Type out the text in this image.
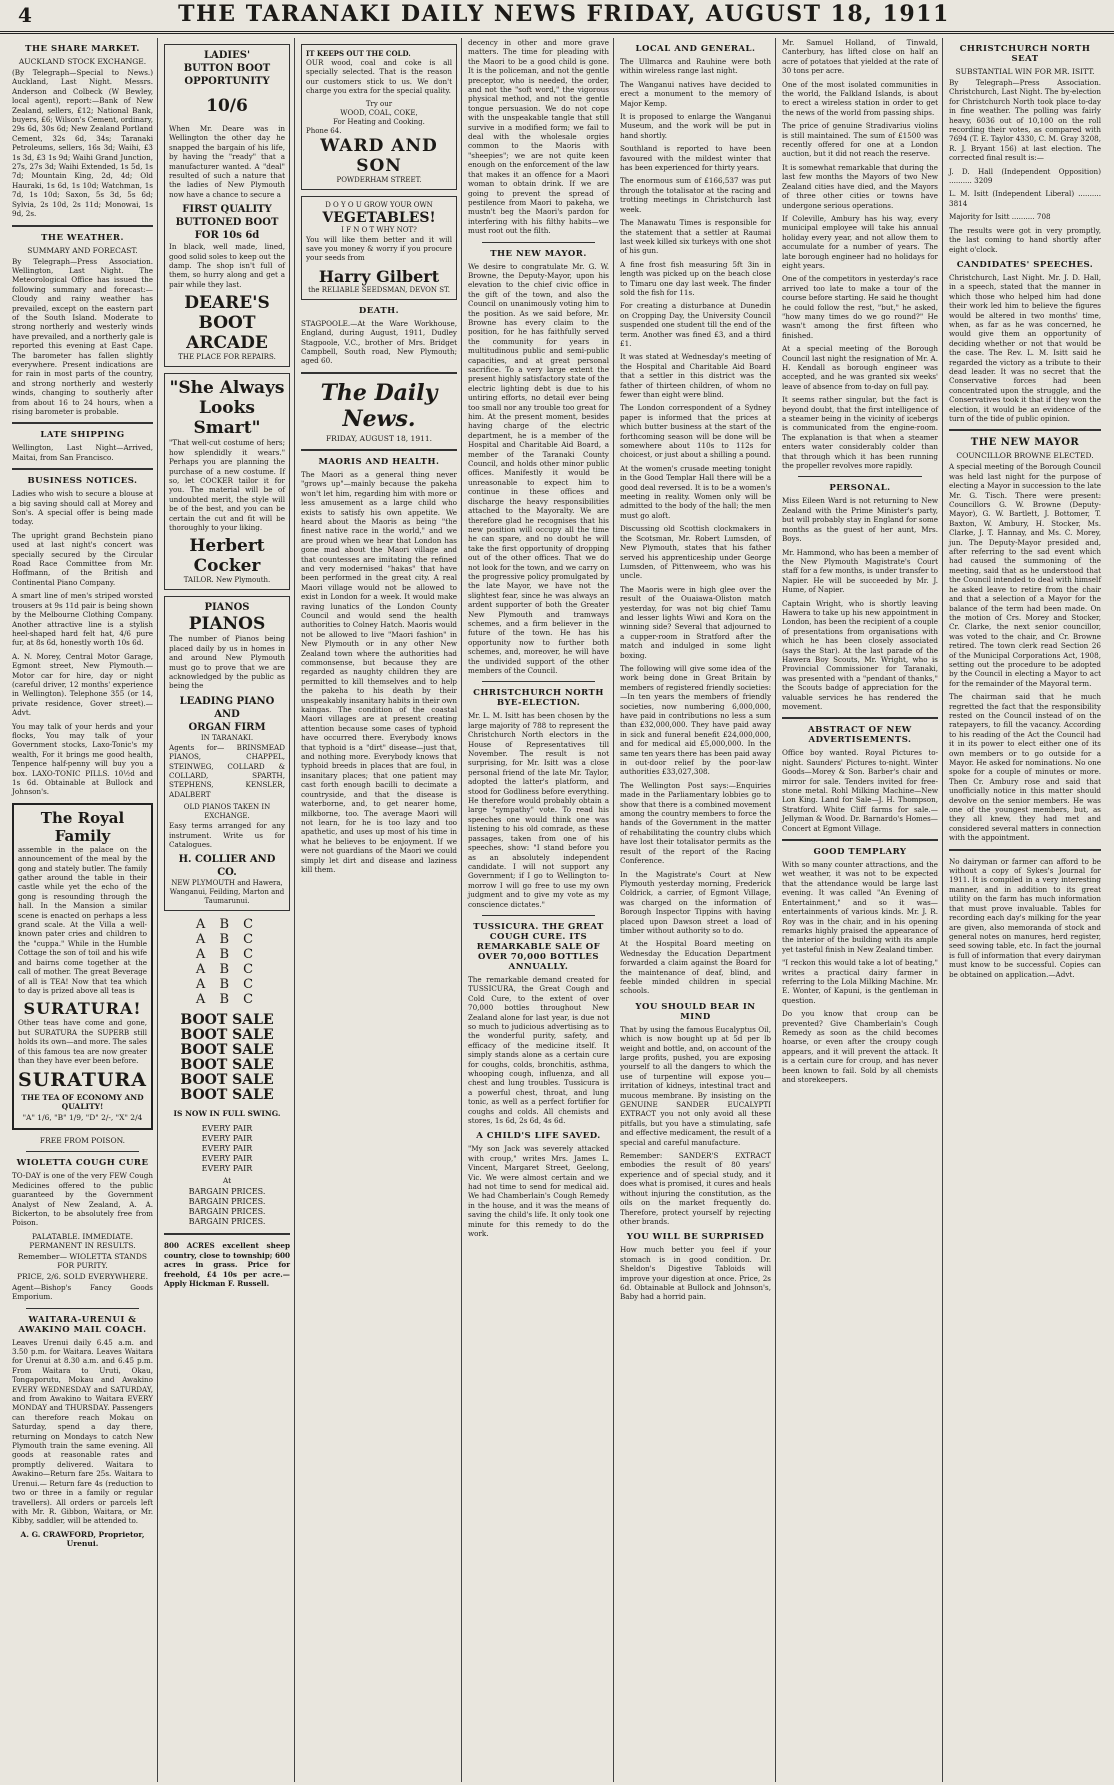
4	THE TARANAKI DAILY NEWS FRIDAY, AUGUST 18, 1911
THE SHARE MARKET.
AUCKLAND STOCK EXCHANGE.

(By Telegraph—Special to News.) Auckland, Last Night. Messrs. Anderson and Colbeck (W Bewley, local agent), report:—Bank of New Zealand, sellers, £12; National Bank, buyers, £6; Wilson's Cement, ordinary, 29s 6d, 30s 6d; New Zealand Portland Cement, 32s 6d, 34s; Taranaki Petroleums, sellers, 16s 3d; Waihi, £3 1s 3d, £3 1s 9d; Waihi Grand Junction, 27s, 27s 3d; Waihi Extended, 1s 5d, 1s 7d; Mountain King, 2d, 4d; Old Hauraki, 1s 6d, 1s 10d; Watchman, 1s 7d, 1s 10d; Saxon, 5s 3d, 5s 6d; Sylvia, 2s 10d, 2s 11d; Monowai, 1s 9d, 2s.

THE WEATHER.
SUMMARY AND FORECAST.

By Telegraph—Press Association. Wellington, Last Night. The Meteorological Office has issued the following summary and forecast:—Cloudy and rainy weather has prevailed, except on the eastern part of the South Island. Moderate to strong northerly and westerly winds have prevailed, and a northerly gale is reported this evening at East Cape. The barometer has fallen slightly everywhere. Present indications are for rain in most parts of the country, and strong northerly and westerly winds, changing to southerly after from about 16 to 24 hours, when a rising barometer is probable.

LATE SHIPPING

Wellington, Last Night—Arrived, Maitai, from San Francisco.

BUSINESS NOTICES.

Ladies who wish to secure a blouse at a big saving should call at Morey and Son's. A special offer is being made today.

The upright grand Bechstein piano used at last night's concert was specially secured by the Circular Road Race Committee from Mr. Hoffmann, of the British and Continental Piano Company.

A smart line of men's striped worsted trousers at 9s 11d pair is being shown by the Melbourne Clothing Company. Another attractive line is a stylish heel-shaped hard felt hat, 4/6 pure fur, at 8s 6d, honestly worth 10s 6d.

A. N. Morey, Central Motor Garage, Egmont street, New Plymouth.—Motor car for hire, day or night (careful driver, 12 months' experience in Wellington). Telephone 355 (or 14, private residence, Gover street).—Advt.

You may talk of your herds and your flocks, You may talk of your Government stocks, Laxo-Tonic's my wealth, For it brings me good health, Tenpence half-penny will buy you a box. LAXO-TONIC PILLS. 10½d and 1s 6d. Obtainable at Bullock and Johnson's.

The Royal Family

assemble in the palace on the announcement of the meal by the gong and stately butler. The family gather around the table in their castle while yet the echo of the gong is resounding through the hall. In the Mansion a similar scene is enacted on perhaps a less grand scale. At the Villa a well-known pater cries and children to the "cuppa." While in the Humble Cottage the son of toil and his wife and bairns come together at the call of mother. The great Beverage of all is TEA! Now that tea which to day is prized above all teas is

SURATURA!

Other teas have come and gone, but SURATURA the SUPERB still holds its own—and more. The sales of this famous tea are now greater than they have ever been before.

SURATURA
THE TEA OF ECONOMY AND QUALITY!
"A" 1/6, "B" 1/9, "D" 2/-, "X" 2/4
FREE FROM POISON.
WIOLETTA COUGH CURE

TO-DAY is one of the very FEW Cough Medicines offered to the public guaranteed by the Government Analyst of New Zealand, A. A. Bickerton, to be absolutely free from Poison.

PALATABLE. IMMEDIATE. PERMANENT IN RESULTS.
Remember— WIOLETTA STANDS FOR PURITY.
PRICE, 2/6. SOLD EVERYWHERE.

Agent—Bishop's Fancy Goods Emporium.

WAITARA-URENUI & AWAKINO MAIL COACH.

Leaves Urenui daily 6.45 a.m. and 3.50 p.m. for Waitara. Leaves Waitara for Urenui at 8.30 a.m. and 6.45 p.m. From Waitara to Uruti, Okau, Tongaporutu, Mokau and Awakino EVERY WEDNESDAY and SATURDAY, and from Awakino to Waitara EVERY MONDAY and THURSDAY. Passengers can therefore reach Mokau on Saturday, spend a day there, returning on Mondays to catch New Plymouth train the same evening. All goods at reasonable rates and promptly delivered. Waitara to Awakino—Return fare 25s. Waitara to Urenui.— Return fare 4s (reduction to two or three in a family or regular travellers). All orders or parcels left with Mr. R. Gibbon, Waitara, or Mr. Kibby, saddler, will be attended to.

A. G. CRAWFORD, Proprietor, Urenui.
LADIES'
BUTTON BOOT
OPPORTUNITY
10/6

When Mr. Deare was in Wellington the other day he snapped the bargain of his life, by having the "ready" that a manufacturer wanted. A "deal" resulted of such a nature that the ladies of New Plymouth now have a chance to secure a

FIRST QUALITY
BUTTONED BOOT
FOR 10s 6d

In black, well made, lined, good solid soles to keep out the damp. The shop isn't full of them, so hurry along and get a pair while they last.

DEARE'S
BOOT ARCADE
THE PLACE FOR REPAIRS.
"She Always
Looks Smart"

"That well-cut costume of hers; how splendidly it wears." Perhaps you are planning the purchase of a new costume. If so, let COCKER tailor it for you. The material will be of undoubted merit, the style will be of the best, and you can be certain the cut and fit will be thoroughly to your liking.

Herbert Cocker
TAILOR. New Plymouth.
PIANOS
PIANOS

The number of Pianos being placed daily by us in homes in and around New Plymouth must go to prove that we are acknowledged by the public as being the

LEADING PIANO AND
ORGAN FIRM
IN TARANAKI.

Agents for— BRINSMEAD PIANOS, CHAPPEL, STEINWEG, COLLARD & COLLARD, SPARTH, STEPHENS, KENSLER, ADALBERT

OLD PIANOS TAKEN IN EXCHANGE.

Easy terms arranged for any instrument. Write us for Catalogues.

H. COLLIER AND CO.
NEW PLYMOUTH and Hawera, Wanganui, Feilding, Marton and Taumarunui.
A B C
A B C
A B C
A B C
A B C
A B C
BOOT SALE
BOOT SALE
BOOT SALE
BOOT SALE
BOOT SALE
BOOT SALE
IS NOW IN FULL SWING.
EVERY PAIR
EVERY PAIR
EVERY PAIR
EVERY PAIR
EVERY PAIR
At
BARGAIN PRICES.
BARGAIN PRICES.
BARGAIN PRICES.
BARGAIN PRICES.

800 ACRES excellent sheep country, close to township; 600 acres in grass. Price for freehold, £4 10s per acre.—Apply Hickman F. Russell.

IT KEEPS OUT THE COLD.

OUR wood, coal and coke is all specially selected. That is the reason our customers stick to us. We don't charge you extra for the special quality.

Try our
WOOD, COAL, COKE,
For Heating and Cooking.
Phone 64.
WARD AND SON
POWDERHAM STREET.
D O Y O U GROW YOUR OWN
VEGETABLES!
I F N O T WHY NOT?

You will like them better and it will save you money & worry if you procure your seeds from

Harry Gilbert
the RELIABLE SEEDSMAN, DEVON ST.
DEATH.

STAGPOOLE.—At the Ware Workhouse, England, during August, 1911, Dudley Stagpoole, V.C., brother of Mrs. Bridget Campbell, South road, New Plymouth; aged 60.

The Daily News.
FRIDAY, AUGUST 18, 1911.
MAORIS AND HEALTH.

The Maori as a general thing never "grows up"—mainly because the pakeha won't let him, regarding him with more or less amusement as a large child who exists to satisfy his own appetite. We heard about the Maoris as being "the finest native race in the world," and we are proud when we hear that London has gone mad about the Maori village and that countesses are imitating the refined and very modernised "hakas" that have been performed in the great city. A real Maori village would not be allowed to exist in London for a week. It would make raving lunatics of the London County Council and would send the health authorities to Colney Hatch. Maoris would not be allowed to live "Maori fashion" in New Plymouth or in any other New Zealand town where the authorities had commonsense, but because they are regarded as naughty children they are permitted to kill themselves and to help the pakeha to his death by their unspeakably insanitary habits in their own kaingas. The condition of the coastal Maori villages are at present creating attention because some cases of typhoid have occurred there. Everybody knows that typhoid is a "dirt" disease—just that, and nothing more. Everybody knows that typhoid breeds in places that are foul, in insanitary places; that one patient may cast forth enough bacilli to decimate a countryside, and that the disease is waterborne, and, to get nearer home, milkborne, too. The average Maori will not learn, for he is too lazy and too apathetic, and uses up most of his time in what he believes to be enjoyment. If we were not guardians of the Maori we could simply let dirt and disease and laziness kill them.

decency in other and more grave matters. The time for pleading with the Maori to be a good child is gone. It is the policeman, and not the gentle preceptor, who is needed, the order, and not the "soft word," the vigorous physical method, and not the gentle tongue persuasion. We do not cope with the unspeakable tangle that still survive in a modified form; we fail to deal with the wholesale orgies common to the Maoris with "sheepies"; we are not quite keen enough on the enforcement of the law that makes it an offence for a Maori woman to obtain drink. If we are going to prevent the spread of pestilence from Maori to pakeha, we mustn't beg the Maori's pardon for interfering with his filthy habits—we must root out the filth.

THE NEW MAYOR.

We desire to congratulate Mr. G. W. Browne, the Deputy-Mayor, upon his elevation to the chief civic office in the gift of the town, and also the Council on unanimously voting him to the position. As we said before, Mr. Browne has every claim to the position, for he has faithfully served the community for years in multitudinous public and semi-public capacities, and at great personal sacrifice. To a very large extent the present highly satisfactory state of the electric lighting debt is due to his untiring efforts, no detail ever being too small nor any trouble too great for him. At the present moment, besides having charge of the electric department, he is a member of the Hospital and Charitable Aid Board, a member of the Taranaki County Council, and holds other minor public offices. Manifestly it would be unreasonable to expect him to continue in these offices and discharge the heavy responsibilities attached to the Mayoralty. We are therefore glad he recognises that his new position will occupy all the time he can spare, and no doubt he will take the first opportunity of dropping out of the other offices. That we do not look for the town, and we carry on the progressive policy promulgated by the late Mayor, we have not the slightest fear, since he was always an ardent supporter of both the Greater New Plymouth and tramways schemes, and a firm believer in the future of the town. He has his opportunity now to further both schemes, and, moreover, he will have the undivided support of the other members of the Council.

CHRISTCHURCH NORTH BYE-ELECTION.

Mr. L. M. Isitt has been chosen by the large majority of 788 to represent the Christchurch North electors in the House of Representatives till November. The result is not surprising, for Mr. Isitt was a close personal friend of the late Mr. Taylor, adopted the latter's platform, and stood for Godliness before everything. He therefore would probably obtain a large "sympathy" vote. To read his speeches one would think one was listening to his old comrade, as these passages, taken from one of his speeches, show: "I stand before you as an absolutely independent candidate. I will not support any Government; if I go to Wellington to-morrow I will go free to use my own judgment and to give my vote as my conscience dictates."

TUSSICURA. THE GREAT COUGH CURE. ITS REMARKABLE SALE OF OVER 70,000 BOTTLES ANNUALLY.

The remarkable demand created for TUSSICURA, the Great Cough and Cold Cure, to the extent of over 70,000 bottles throughout New Zealand alone for last year, is due not so much to judicious advertising as to the wonderful purity, safety, and efficacy of the medicine itself. It simply stands alone as a certain cure for coughs, colds, bronchitis, asthma, whooping cough, influenza, and all chest and lung troubles. Tussicura is a powerful chest, throat, and lung tonic, as well as a perfect fortifier for coughs and colds. All chemists and stores, 1s 6d, 2s 6d, 4s 6d.

A CHILD'S LIFE SAVED.

"My son Jack was severely attacked with croup," writes Mrs. James L. Vincent, Margaret Street, Geelong, Vic. We were almost certain and we had not time to send for medical aid. We had Chamberlain's Cough Remedy in the house, and it was the means of saving the child's life. It only took one minute for this remedy to do the work.

LOCAL AND GENERAL.

The Ullmarca and Rauhine were both within wireless range last night.

The Wanganui natives have decided to erect a monument to the memory of Major Kemp.

It is proposed to enlarge the Wanganui Museum, and the work will be put in hand shortly.

Southland is reported to have been favoured with the mildest winter that has been experienced for thirty years.

The enormous sum of £166,537 was put through the totalisator at the racing and trotting meetings in Christchurch last week.

The Manawatu Times is responsible for the statement that a settler at Raumai last week killed six turkeys with one shot of his gun.

A fine frost fish measuring 5ft 3in in length was picked up on the beach close to Timaru one day last week. The finder sold the fish for 11s.

For creating a disturbance at Dunedin on Cropping Day, the University Council suspended one student till the end of the term. Another was fined £3, and a third £1.

It was stated at Wednesday's meeting of the Hospital and Charitable Aid Board that a settler in this district was the father of thirteen children, of whom no fewer than eight were blind.

The London correspondent of a Sydney paper is informed that the prices at which butter business at the start of the forthcoming season will be done will be somewhere about 110s to 112s for choicest, or just about a shilling a pound.

At the women's crusade meeting tonight in the Good Templar Hall there will be a good deal reversed. It is to be a women's meeting in reality. Women only will be admitted to the body of the hall; the men must go aloft.

Discussing old Scottish clockmakers in the Scotsman, Mr. Robert Lumsden, of New Plymouth, states that his father served his apprenticeship under George Lumsden, of Pittenweem, who was his uncle.

The Maoris were in high glee over the result of the Ouaiawa-Oliston match yesterday, for was not big chief Tamu and lesser lights Wiwi and Kora on the winning side? Several that adjourned to a cupper-room in Stratford after the match and indulged in some light boxing.

The following will give some idea of the work being done in Great Britain by members of registered friendly societies:—In ten years the members of friendly societies, now numbering 6,000,000, have paid in contributions no less a sum than £32,000,000. They have paid away in sick and funeral benefit £24,000,000, and for medical aid £5,000,000. In the same ten years there has been paid away in out-door relief by the poor-law authorities £33,027,308.

The Wellington Post says:—Enquiries made in the Parliamentary lobbies go to show that there is a combined movement among the country members to force the hands of the Government in the matter of rehabilitating the country clubs which have lost their totalisator permits as the result of the report of the Racing Conference.

In the Magistrate's Court at New Plymouth yesterday morning, Frederick Coldrick, a carrier, of Egmont Village, was charged on the information of Borough Inspector Tippins with having placed upon Dawson street a load of timber without authority so to do.

At the Hospital Board meeting on Wednesday the Education Department forwarded a claim against the Board for the maintenance of deaf, blind, and feeble minded children in special schools.

YOU SHOULD BEAR IN MIND

That by using the famous Eucalyptus Oil, which is now bought up at 5d per lb weight and bottle, and, on account of the large profits, pushed, you are exposing yourself to all the dangers to which the use of turpentine will expose you—irritation of kidneys, intestinal tract and mucous membrane. By insisting on the GENUINE SANDER EUCALYPTI EXTRACT you not only avoid all these pitfalls, but you have a stimulating, safe and effective medicament, the result of a special and careful manufacture.

Remember: SANDER'S EXTRACT embodies the result of 80 years' experience and of special study, and it does what is promised, it cures and heals without injuring the constitution, as the oils on the market frequently do. Therefore, protect yourself by rejecting other brands.

YOU WILL BE SURPRISED

How much better you feel if your stomach is in good condition. Dr. Sheldon's Digestive Tabloids will improve your digestion at once. Price, 2s 6d. Obtainable at Bullock and Johnson's, Baby had a horrid pain.

Mr. Samuel Holland, of Tinwald, Canterbury, has lifted close on half an acre of potatoes that yielded at the rate of 30 tons per acre.

One of the most isolated communities in the world, the Falkland Islands, is about to erect a wireless station in order to get the news of the world from passing ships.

The price of genuine Stradivarius violins is still maintained. The sum of £1500 was recently offered for one at a London auction, but it did not reach the reserve.

It is somewhat remarkable that during the last few months the Mayors of two New Zealand cities have died, and the Mayors of three other cities or towns have undergone serious operations.

If Coleville, Ambury has his way, every municipal employee will take his annual holiday every year, and not allow them to accumulate for a number of years. The late borough engineer had no holidays for eight years.

One of the competitors in yesterday's race arrived too late to make a tour of the course before starting. He said he thought he could follow the rest, "but," he asked, "how many times do we go round?" He wasn't among the first fifteen who finished.

At a special meeting of the Borough Council last night the resignation of Mr. A. H. Kendall as borough engineer was accepted, and he was granted six weeks' leave of absence from to-day on full pay.

It seems rather singular, but the fact is beyond doubt, that the first intelligence of a steamer being in the vicinity of icebergs is communicated from the engine-room. The explanation is that when a steamer enters water considerably colder than that through which it has been running the propeller revolves more rapidly.

PERSONAL.

Miss Eileen Ward is not returning to New Zealand with the Prime Minister's party, but will probably stay in England for some months as the guest of her aunt, Mrs. Boys.

Mr. Hammond, who has been a member of the New Plymouth Magistrate's Court staff for a few months, is under transfer to Napier. He will be succeeded by Mr. J. Hume, of Napier.

Captain Wright, who is shortly leaving Hawera to take up his new appointment in London, has been the recipient of a couple of presentations from organisations with which he has been closely associated (says the Star). At the last parade of the Hawera Boy Scouts, Mr. Wright, who is Provincial Commissioner for Taranaki, was presented with a "pendant of thanks," the Scouts badge of appreciation for the valuable services he has rendered the movement.

ABSTRACT OF NEW ADVERTISEMENTS.

Office boy wanted. Royal Pictures to-night. Saunders' Pictures to-night. Winter Goods—Morey & Son. Barber's chair and mirror for sale. Tenders invited for free-stone metal. Rohl Milking Machine—New Lon King. Land for Sale—J. H. Thompson, Stratford. White Cliff farms for sale.—Jellyman & Wood. Dr. Barnardo's Homes—Concert at Egmont Village.

GOOD TEMPLARY

With so many counter attractions, and the wet weather, it was not to be expected that the attendance would be large last evening. It was called "An Evening of Entertainment," and so it was—entertainments of various kinds. Mr. J. R. Roy was in the chair, and in his opening remarks highly praised the appearance of the interior of the building with its ample yet tasteful finish in New Zealand timber.

"I reckon this would take a lot of beating," writes a practical dairy farmer in referring to the Lola Milking Machine. Mr. E. Wonter, of Kapuni, is the gentleman in question.

Do you know that croup can be prevented? Give Chamberlain's Cough Remedy as soon as the child becomes hoarse, or even after the croupy cough appears, and it will prevent the attack. It is a certain cure for croup, and has never been known to fail. Sold by all chemists and storekeepers.

CHRISTCHURCH NORTH SEAT
SUBSTANTIAL WIN FOR MR. ISITT.

By Telegraph—Press Association. Christchurch, Last Night. The by-election for Christchurch North took place to-day in fine weather. The polling was fairly heavy, 6036 out of 10,100 on the roll recording their votes, as compared with 7694 (T. E. Taylor 4330, C. M. Gray 3208, R. J. Bryant 156) at last election. The corrected final result is:—

J. D. Hall (Independent Opposition) .......... 3209

L. M. Isitt (Independent Liberal) .......... 3814

Majority for Isitt .......... 708

The results were got in very promptly, the last coming to hand shortly after eight o'clock.

CANDIDATES' SPEECHES.

Christchurch, Last Night. Mr. J. D. Hall, in a speech, stated that the manner in which those who helped him had done their work led him to believe the figures would be altered in two months' time, when, as far as he was concerned, he would give them an opportunity of deciding whether or not that would be the case. The Rev. L. M. Isitt said he regarded the victory as a tribute to their dead leader. It was no secret that the Conservative forces had been concentrated upon the struggle, and the Conservatives took it that if they won the election, it would be an evidence of the turn of the tide of public opinion.

THE NEW MAYOR
COUNCILLOR BROWNE ELECTED.

A special meeting of the Borough Council was held last night for the purpose of electing a Mayor in succession to the late Mr. G. Tisch. There were present: Councillors G. W. Browne (Deputy-Mayor), G. W. Bartlett, J. Bottomer, T. Baxton, W. Ambury, H. Stocker, Ms. Clarke, J. T. Hannay, and Ms. C. Morey, jun. The Deputy-Mayor presided and, after referring to the sad event which had caused the summoning of the meeting, said that as he understood that the Council intended to deal with himself he asked leave to retire from the chair and that a selection of a Mayor for the balance of the term had been made. On the motion of Crs. Morey and Stocker, Cr. Clarke, the next senior councillor, was voted to the chair, and Cr. Browne retired. The town clerk read Section 26 of the Municipal Corporations Act, 1908, setting out the procedure to be adopted by the Council in electing a Mayor to act for the remainder of the Mayoral term.

The chairman said that he much regretted the fact that the responsibility rested on the Council instead of on the ratepayers, to fill the vacancy. According to his reading of the Act the Council had it in its power to elect either one of its own members or to go outside for a Mayor. He asked for nominations. No one spoke for a couple of minutes or more. Then Cr. Ambury rose and said that unofficially notice in this matter should devolve on the senior members. He was one of the youngest members, but, as they all knew, they had met and considered several matters in connection with the appointment.

No dairyman or farmer can afford to be without a copy of Sykes's Journal for 1911. It is compiled in a very interesting manner, and in addition to its great utility on the farm has much information that must prove invaluable. Tables for recording each day's milking for the year are given, also memoranda of stock and general notes on manures, herd register, seed sowing table, etc. In fact the journal is full of information that every dairyman must know to be successful. Copies can be obtained on application.—Advt.
